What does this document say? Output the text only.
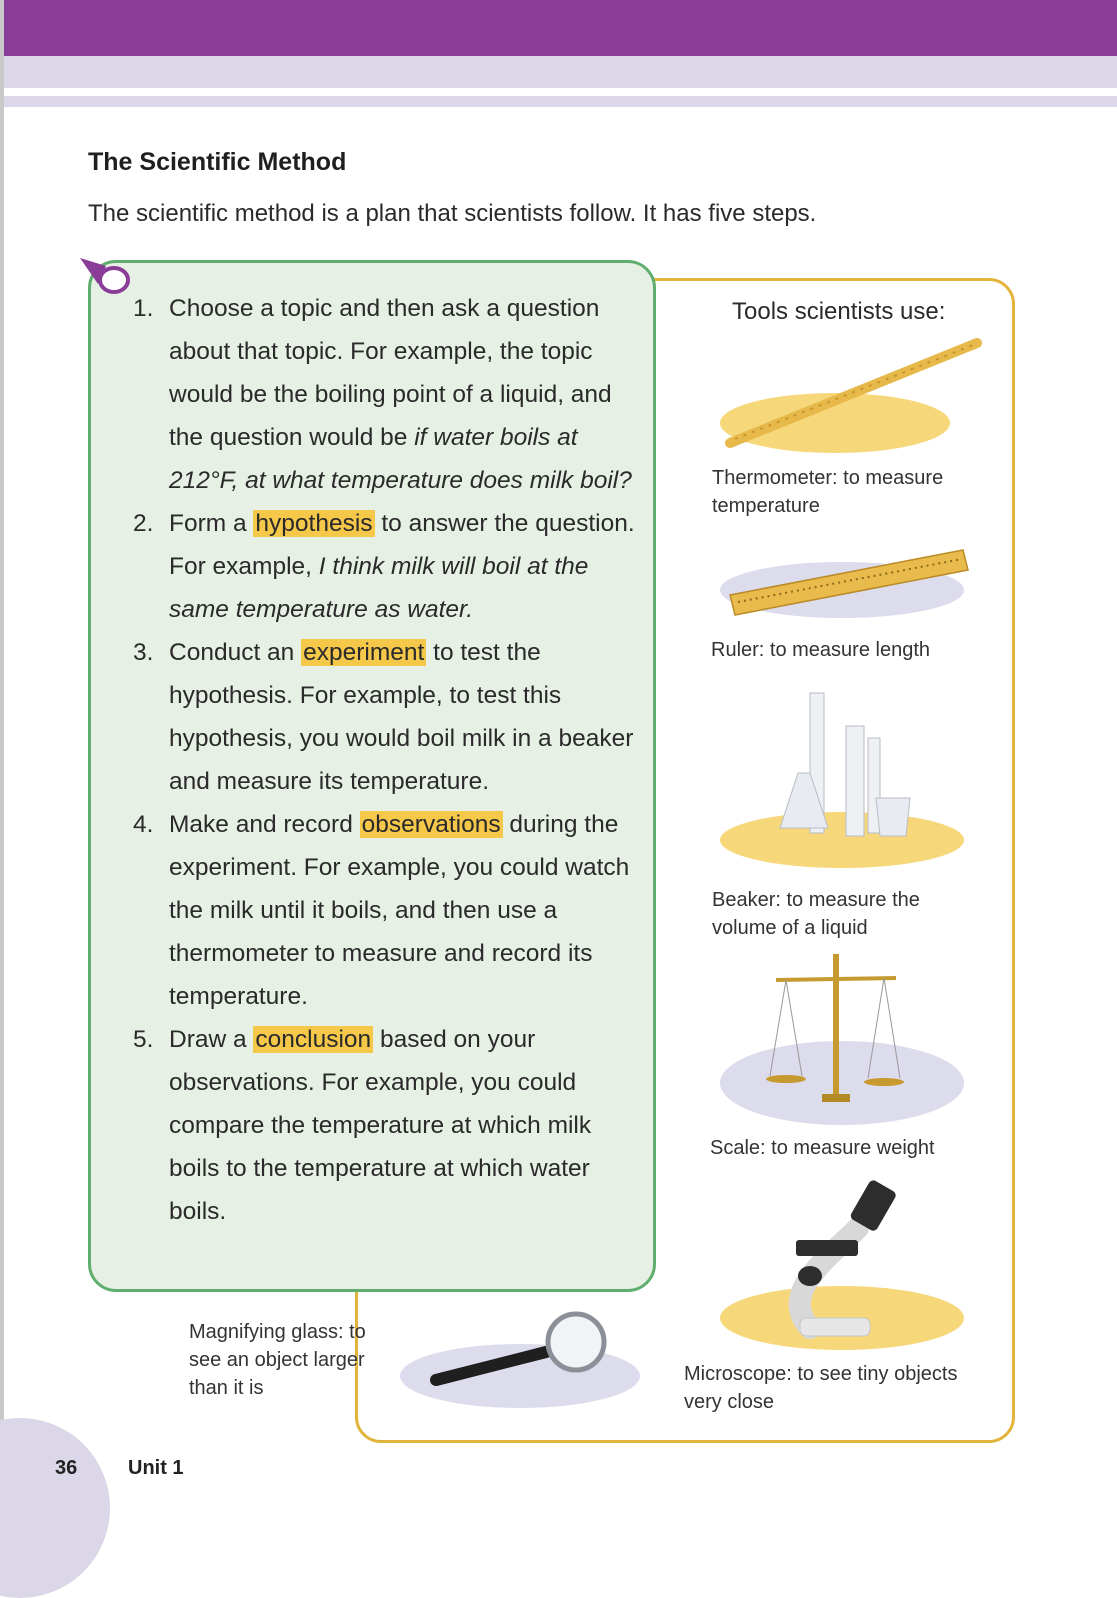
The Scientific Method

The scientific method is a plan that scientists follow. It has five steps.

Tools scientists use:

Thermometer: to measure
temperature

Ruler: to measure length

Beaker: to measure the
volume of a liquid

Scale: to measure weight

Microscope: to see tiny objects
very close

Magnifying glass: to
see an object larger
than it is

1. Choose a topic and then ask a question about that topic. For example, the topic would be the boiling point of a liquid, and the question would be if water boils at 212°F, at what temperature does milk boil?
2. Form a hypothesis to answer the question. For example, I think milk will boil at the same temperature as water.
3. Conduct an experiment to test the hypothesis. For example, to test this hypothesis, you would boil milk in a beaker and measure its temperature.
4. Make and record observations during the experiment. For example, you could watch the milk until it boils, and then use a thermometer to measure and record its temperature.
5. Draw a conclusion based on your observations. For example, you could compare the temperature at which milk boils to the temperature at which water boils.
36	Unit 1
